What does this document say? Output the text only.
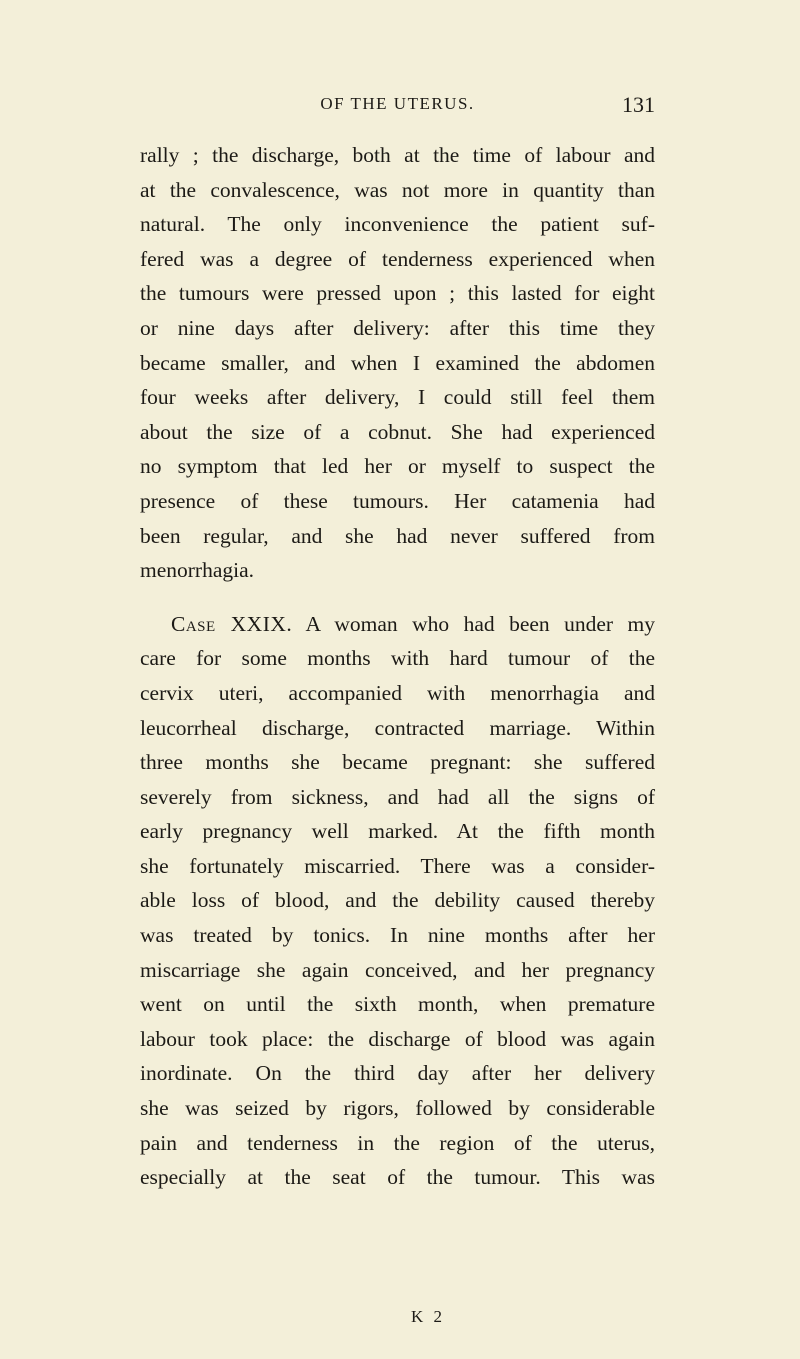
OF THE UTERUS.	131
rally ; the discharge, both at the time of labour and
at the convalescence, was not more in quantity than
natural. The only inconvenience the patient suf-
fered was a degree of tenderness experienced when
the tumours were pressed upon ; this lasted for eight
or nine days after delivery: after this time they
became smaller, and when I examined the abdomen
four weeks after delivery, I could still feel them
about the size of a cobnut. She had experienced
no symptom that led her or myself to suspect the
presence of these tumours. Her catamenia had
been regular, and she had never suffered from
menorrhagia.
Case XXIX. A woman who had been under my
care for some months with hard tumour of the
cervix uteri, accompanied with menorrhagia and
leucorrheal discharge, contracted marriage. Within
three months she became pregnant: she suffered
severely from sickness, and had all the signs of
early pregnancy well marked. At the fifth month
she fortunately miscarried. There was a consider-
able loss of blood, and the debility caused thereby
was treated by tonics. In nine months after her
miscarriage she again conceived, and her pregnancy
went on until the sixth month, when premature
labour took place: the discharge of blood was again
inordinate. On the third day after her delivery
she was seized by rigors, followed by considerable
pain and tenderness in the region of the uterus,
especially at the seat of the tumour. This was
K 2
